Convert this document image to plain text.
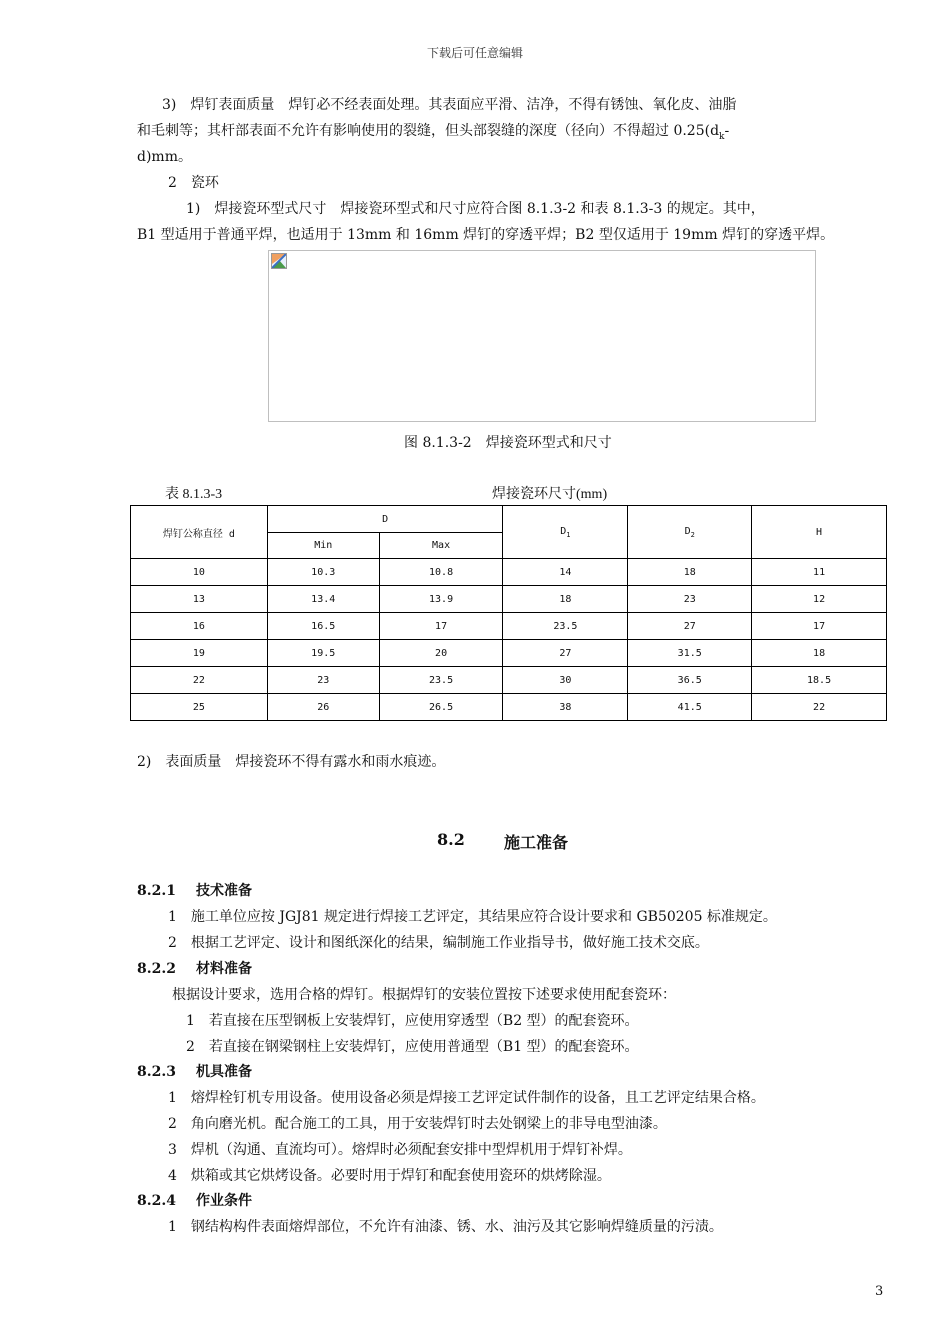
下载后可任意编辑
3)　焊钉表面质量　焊钉必不经表面处理。其表面应平滑、洁净，不得有锈蚀、氧化皮、油脂
和毛刺等；其杆部表面不允许有影响使用的裂缝，但头部裂缝的深度（径向）不得超过 $0.25(d_k-$
d)mm。
2　瓷环
1)　焊接瓷环型式尺寸　焊接瓷环型式和尺寸应符合图 8.1.3-2 和表 8.1.3-3 的规定。其中，
B1 型适用于普通平焊，也适用于 13mm 和 16mm 焊钉的穿透平焊；B2 型仅适用于 19mm 焊钉的穿透平焊。
图 8.1.3-2　焊接瓷环型式和尺寸
表 8.1.3-3	焊接瓷环尺寸(mm)
焊钉公称直径 d	D		$D_1$	$D_2$	H
	Min	Max			
10	10.3	10.8	14	18	11
13	13.4	13.9	18	23	12
16	16.5	17	23.5	27	17
19	19.5	20	27	31.5	18
22	23	23.5	30	36.5	18.5
25	26	26.5	38	41.5	22
2)　表面质量　焊接瓷环不得有露水和雨水痕迹。
8.2 施工准备
8.2.1 技术准备
1　施工单位应按 JGJ81 规定进行焊接工艺评定，其结果应符合设计要求和 GB50205 标准规定。
2　根据工艺评定、设计和图纸深化的结果，编制施工作业指导书，做好施工技术交底。
8.2.2 材料准备
根据设计要求，选用合格的焊钉。根据焊钉的安装位置按下述要求使用配套瓷环：
1　若直接在压型钢板上安装焊钉，应使用穿透型（B2 型）的配套瓷环。
2　若直接在钢梁钢柱上安装焊钉，应使用普通型（B1 型）的配套瓷环。
8.2.3 机具准备
1　熔焊栓钉机专用设备。使用设备必须是焊接工艺评定试件制作的设备，且工艺评定结果合格。
2　角向磨光机。配合施工的工具，用于安装焊钉时去处钢梁上的非导电型油漆。
3　焊机（沟通、直流均可）。熔焊时必须配套安排中型焊机用于焊钉补焊。
4　烘箱或其它烘烤设备。必要时用于焊钉和配套使用瓷环的烘烤除湿。
8.2.4 作业条件
1　钢结构构件表面熔焊部位，不允许有油漆、锈、水、油污及其它影响焊缝质量的污渍。
3
